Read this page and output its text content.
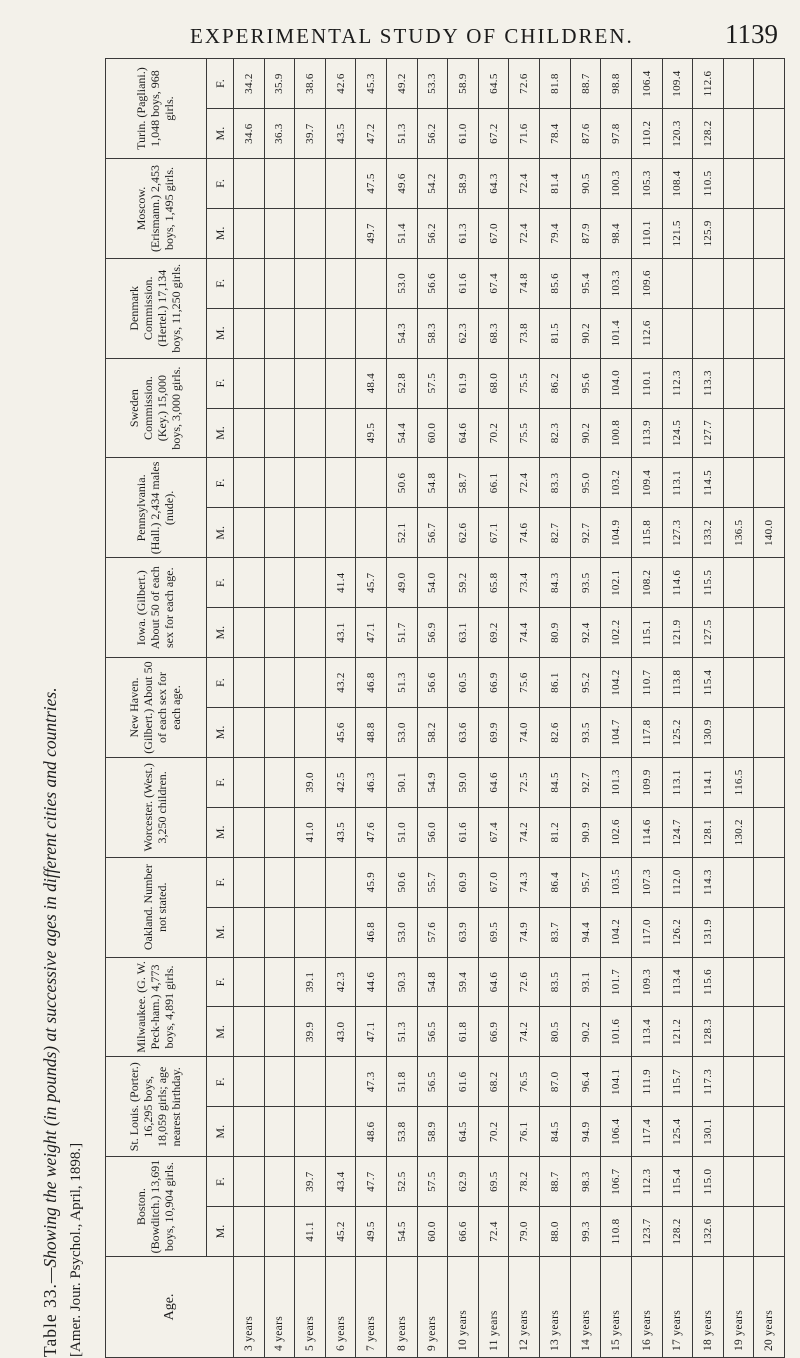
EXPERIMENTAL STUDY OF CHILDREN.	1139
Table 33.—Showing the weight (in pounds) at successive ages in different cities and countries. [Amer. Jour. Psychol., April, 1898.]	Age.	Boston. (Bowditch.) 13,691 boys, 10,904 girls.		St. Louis. (Porter.) 16,295 boys, 18,059 girls; age nearest birthday.		Milwaukee. (G. W. Peck-ham.) 4,773 boys, 4,891 girls.		Oakland. Number not stated.		Worcester. (West.) 3,250 children.		New Haven. (Gilbert.) About 50 of each sex for each age.		Iowa. (Gilbert.) About 50 of each sex for each age.		Pennsylvania. (Hall.) 2,434 males (nude).		Sweden Commission. (Key.) 15,000 boys, 3,000 girls.		Denmark Commission. (Hertel.) 17,134 boys, 11,250 girls.		Moscow. (Erismann.) 2,453 boys, 1,495 girls.		Turin. (Pagliani.) 1,048 boys, 968 girls.	
	M.	F.	M.	F.	M.	F.	M.	F.	M.	F.	M.	F.	M.	F.	M.	F.	M.	F.	M.	F.	M.	F.	M.	F.
3 years																							34.6	34.2
4 years																							36.3	35.9
5 years	41.1	39.7			39.9	39.1			41.0	39.0													39.7	38.6
6 years	45.2	43.4			43.0	42.3			43.5	42.5	45.6	43.2	43.1	41.4									43.5	42.6
7 years	49.5	47.7	48.6	47.3	47.1	44.6	46.8	45.9	47.6	46.3	48.8	46.8	47.1	45.7			49.5	48.4			49.7	47.5	47.2	45.3
8 years	54.5	52.5	53.8	51.8	51.3	50.3	53.0	50.6	51.0	50.1	53.0	51.3	51.7	49.0	52.1	50.6	54.4	52.8	54.3	53.0	51.4	49.6	51.3	49.2
9 years	60.0	57.5	58.9	56.5	56.5	54.8	57.6	55.7	56.0	54.9	58.2	56.6	56.9	54.0	56.7	54.8	60.0	57.5	58.3	56.6	56.2	54.2	56.2	53.3
10 years	66.6	62.9	64.5	61.6	61.8	59.4	63.9	60.9	61.6	59.0	63.6	60.5	63.1	59.2	62.6	58.7	64.6	61.9	62.3	61.6	61.3	58.9	61.0	58.9
11 years	72.4	69.5	70.2	68.2	66.9	64.6	69.5	67.0	67.4	64.6	69.9	66.9	69.2	65.8	67.1	66.1	70.2	68.0	68.3	67.4	67.0	64.3	67.2	64.5
12 years	79.0	78.2	76.1	76.5	74.2	72.6	74.9	74.3	74.2	72.5	74.0	75.6	74.4	73.4	74.6	72.4	75.5	75.5	73.8	74.8	72.4	72.4	71.6	72.6
13 years	88.0	88.7	84.5	87.0	80.5	83.5	83.7	86.4	81.2	84.5	82.6	86.1	80.9	84.3	82.7	83.3	82.3	86.2	81.5	85.6	79.4	81.4	78.4	81.8
14 years	99.3	98.3	94.9	96.4	90.2	93.1	94.4	95.7	90.9	92.7	93.5	95.2	92.4	93.5	92.7	95.0	90.2	95.6	90.2	95.4	87.9	90.5	87.6	88.7
15 years	110.8	106.7	106.4	104.1	101.6	101.7	104.2	103.5	102.6	101.3	104.7	104.2	102.2	102.1	104.9	103.2	100.8	104.0	101.4	103.3	98.4	100.3	97.8	98.8
16 years	123.7	112.3	117.4	111.9	113.4	109.3	117.0	107.3	114.6	109.9	117.8	110.7	115.1	108.2	115.8	109.4	113.9	110.1	112.6	109.6	110.1	105.3	110.2	106.4
17 years	128.2	115.4	125.4	115.7	121.2	113.4	126.2	112.0	124.7	113.1	125.2	113.8	121.9	114.6	127.3	113.1	124.5	112.3			121.5	108.4	120.3	109.4
18 years	132.6	115.0	130.1	117.3	128.3	115.6	131.9	114.3	128.1	114.1	130.9	115.4	127.5	115.5	133.2	114.5	127.7	113.3			125.9	110.5	128.2	112.6
19 years									130.2	116.5					136.5									
20 years															140.0									
